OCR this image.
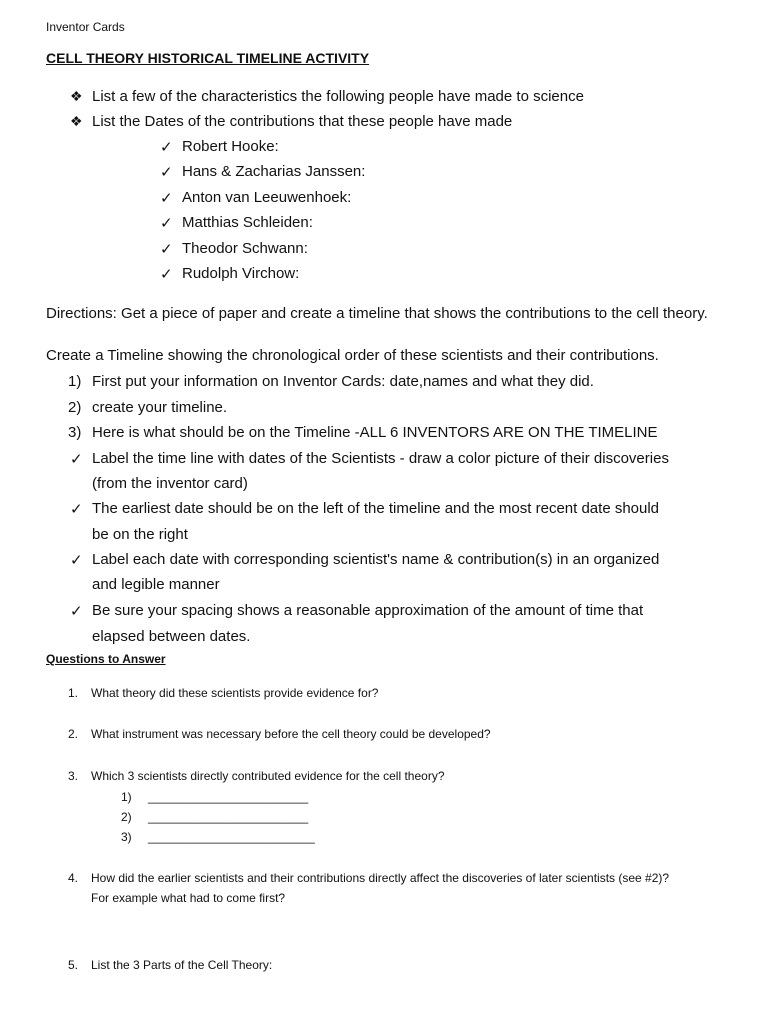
Inventor Cards
CELL THEORY HISTORICAL TIMELINE ACTIVITY
❖ List a few of the characteristics the following people have made to science
❖ List the Dates of the contributions that these people have made
✓ Robert Hooke:
✓ Hans & Zacharias Janssen:
✓ Anton van Leeuwenhoek:
✓ Matthias Schleiden:
✓ Theodor Schwann:
✓ Rudolph Virchow:
Directions: Get a piece of paper and create a timeline that shows the contributions to the cell theory.
Create a Timeline showing the chronological order of these scientists and their contributions.
1) First put your information on Inventor Cards: date,names and what they did.
2) create your timeline.
3) Here is what should be on the Timeline -ALL 6 INVENTORS ARE ON THE TIMELINE
✓ Label the time line with dates of the Scientists - draw a color picture of their discoveries
(from the inventor card)
✓ The earliest date should be on the left of the timeline and the most recent date should
be on the right
✓ Label each date with corresponding scientist's name & contribution(s) in an organized
and legible manner
✓ Be sure your spacing shows a reasonable approximation of the amount of time that
elapsed between dates.
Questions to Answer
1. What theory did these scientists provide evidence for?
2. What instrument was necessary before the cell theory could be developed?
3. Which 3 scientists directly contributed evidence for the cell theory?
1) ________________________
2) ________________________
3) _________________________
4. How did the earlier scientists and their contributions directly affect the discoveries of later scientists (see #2)?
For example what had to come first?
5. List the 3 Parts of the Cell Theory:
